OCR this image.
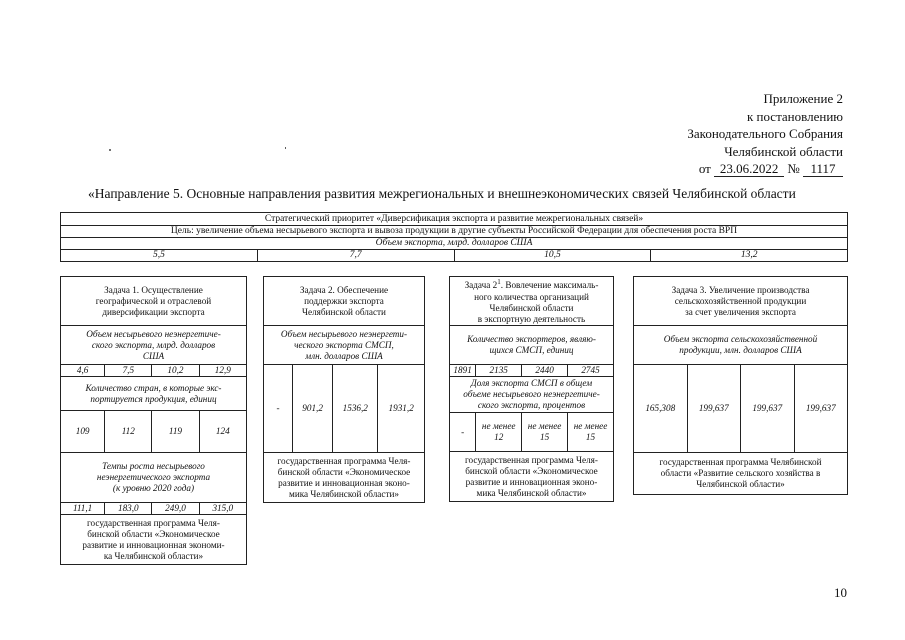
Приложение 2
к постановлению
Законодательного Собрания
Челябинской области
от 23.06.2022 № 1117
«Направление 5. Основные направления развития межрегиональных и внешнеэкономических связей Челябинской области
Стратегический приоритет «Диверсификация экспорта и развитие межрегиональных связей»
Цель: увеличение объема несырьевого экспорта и вывоза продукции в другие субъекты Российской Федерации для обеспечения роста ВРП
Объем экспорта, млрд. долларов США
5,5	7,7	10,5	13,2
Задача 1. Осуществление
географической и отраслевой
диверсификации экспорта			

Объем несырьевого неэнергетиче-
ского экспорта, млрд. долларов
США			

4,6	7,5	10,2	12,9

Количество стран, в которые экс-
портируется продукция, единиц			

109	112	119	124

Темпы роста несырьевого
неэнергетического экспорта
(к уровню 2020 года)			

111,1	183,0	249,0	315,0

государственная программа Челя-
бинской области «Экономическое
развитие и инновационная экономи-
ка Челябинской области»			
Задача 2. Обеспечение
поддержки экспорта
Челябинской области

Объем несырьевого неэнергети-
ческого экспорта СМСП,
млн. долларов США

-	901,2	1536,2	1931,2

государственная программа Челя-
бинской области «Экономическое
развитие и инновационная эконо-
мика Челябинской области»
Задача $2^1$. Вовлечение максималь-
ного количества организаций
Челябинской области
в экспортную деятельность			

Количество экспортеров, являю-
щихся СМСП, единиц			

1891	2135	2440	2745

Доля экспорта СМСП в общем
объеме несырьевого неэнергетиче-
ского экспорта, процентов			

-	не менее 12	не менее 15	не менее 15

государственная программа Челя-
бинской области «Экономическое
развитие и инновационная эконо-
мика Челябинской области»			
Задача 3. Увеличение производства
сельскохозяйственной продукции
за счет увеличения экспорта

Объем экспорта сельскохозяйственной
продукции, млн. долларов США

165,308	199,637	199,637	199,637

государственная программа Челябинской
области «Развитие сельского хозяйства в
Челябинской области»
10
